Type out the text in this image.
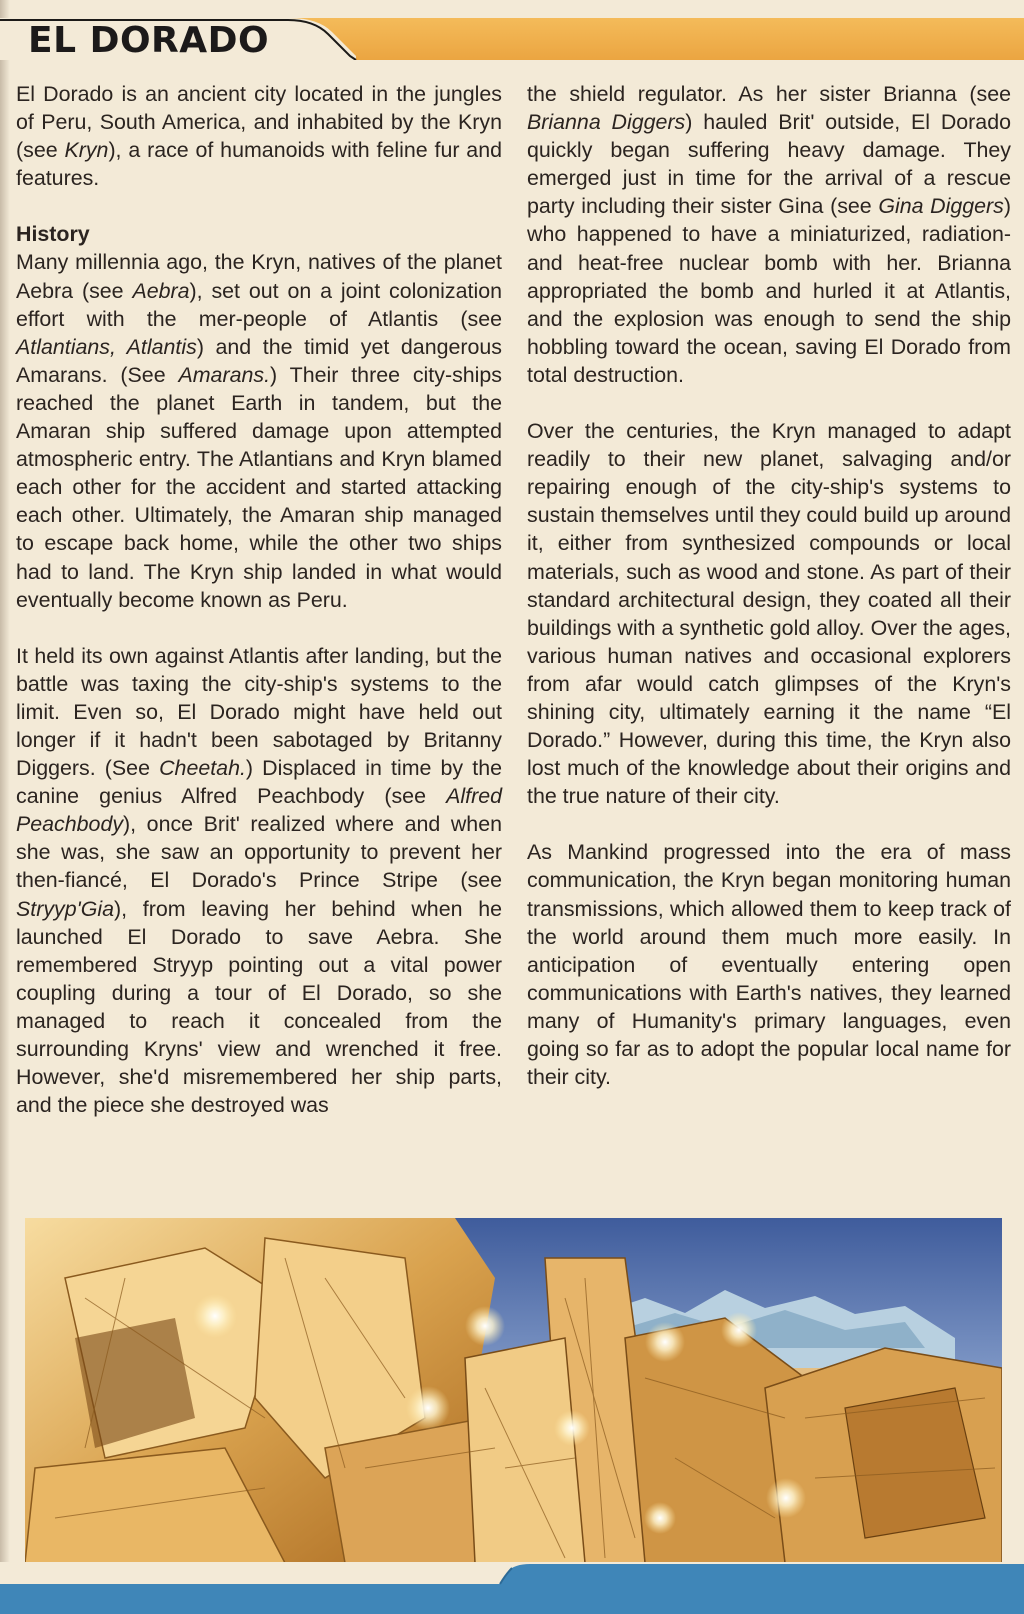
EL DORADO

El Dorado is an ancient city located in the jungles of Peru, South America, and inhabited by the Kryn (see Kryn), a race of humanoids with feline fur and features.

History

Many millennia ago, the Kryn, natives of the planet Aebra (see Aebra), set out on a joint colonization effort with the mer-people of Atlantis (see Atlantians, Atlantis) and the timid yet dangerous Amarans. (See Amarans.) Their three city-ships reached the planet Earth in tandem, but the Amaran ship suffered damage upon attempted atmospheric entry. The Atlantians and Kryn blamed each other for the accident and started attacking each other. Ultimately, the Amaran ship managed to escape back home, while the other two ships had to land. The Kryn ship landed in what would eventually become known as Peru.

It held its own against Atlantis after landing, but the battle was taxing the city-ship's systems to the limit. Even so, El Dorado might have held out longer if it hadn't been sabotaged by Britanny Diggers. (See Cheetah.) Displaced in time by the canine genius Alfred Peachbody (see Alfred Peachbody), once Brit' realized where and when she was, she saw an opportunity to prevent her then-fiancé, El Dorado's Prince Stripe (see Stryyp'Gia), from leaving her behind when he launched El Dorado to save Aebra. She remembered Stryyp pointing out a vital power coupling during a tour of El Dorado, so she managed to reach it concealed from the surrounding Kryns' view and wrenched it free. However, she'd misremembered her ship parts, and the piece she destroyed was

the shield regulator. As her sister Brianna (see Brianna Diggers) hauled Brit' outside, El Dorado quickly began suffering heavy damage. They emerged just in time for the arrival of a rescue party including their sister Gina (see Gina Diggers) who happened to have a miniaturized, radiation- and heat-free nuclear bomb with her. Brianna appropriated the bomb and hurled it at Atlantis, and the explosion was enough to send the ship hobbling toward the ocean, saving El Dorado from total destruction.

Over the centuries, the Kryn managed to adapt readily to their new planet, salvaging and/or repairing enough of the city-ship's systems to sustain themselves until they could build up around it, either from synthesized compounds or local materials, such as wood and stone. As part of their standard architectural design, they coated all their buildings with a synthetic gold alloy. Over the ages, various human natives and occasional explorers from afar would catch glimpses of the Kryn's shining city, ultimately earning it the name “El Dorado.” However, during this time, the Kryn also lost much of the knowledge about their origins and the true nature of their city.

As Mankind progressed into the era of mass communication, the Kryn began monitoring human transmissions, which allowed them to keep track of the world around them much more easily. In anticipation of eventually entering open communications with Earth's natives, they learned many of Humanity's primary languages, even going so far as to adopt the popular local name for their city.
